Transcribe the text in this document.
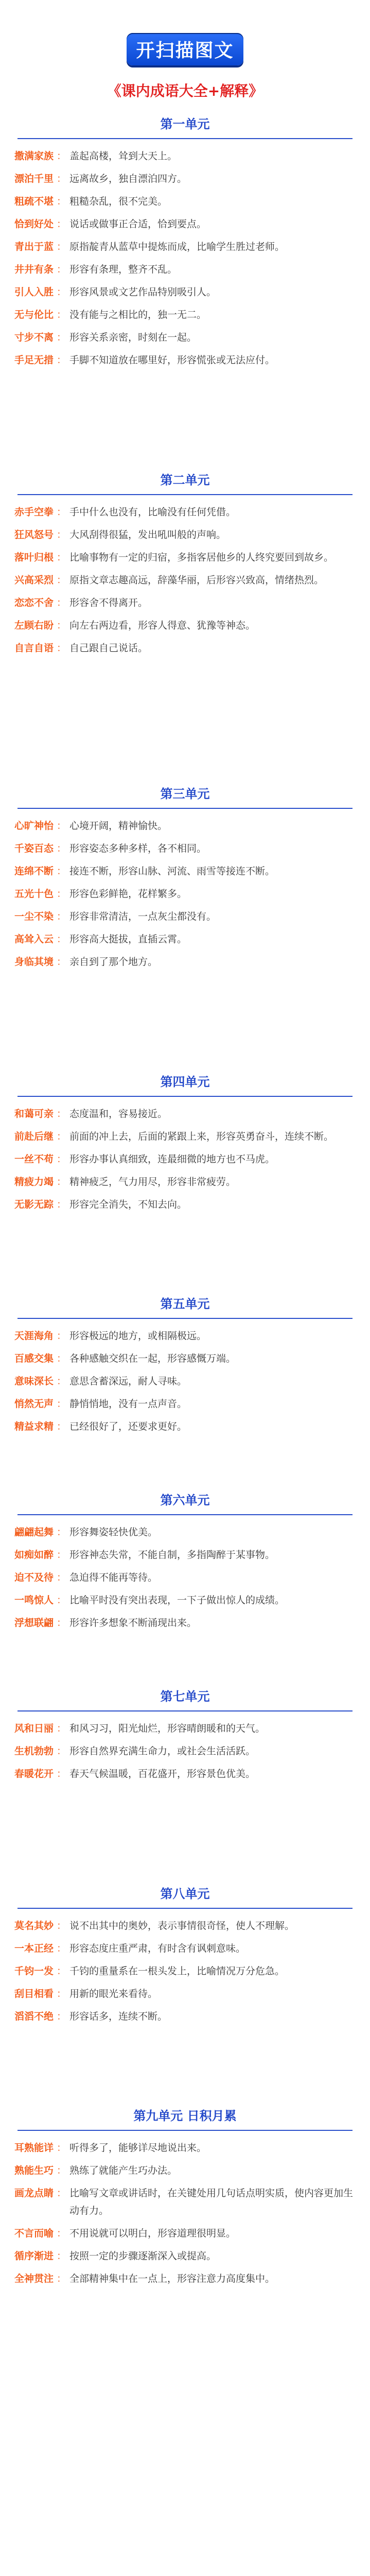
开扫描图文
《课内成语大全+解释》
第一单元
撒满家族 ： 盖起高楼，耸到大天上。
漂泊千里 ： 远离故乡，独自漂泊四方。
粗疏不堪 ： 粗糙杂乱，很不完美。
恰到好处 ： 说话或做事正合适，恰到要点。
青出于蓝 ： 原指靛青从蓝草中提炼而成，比喻学生胜过老师。
井井有条 ： 形容有条理，整齐不乱。
引人入胜 ： 形容风景或文艺作品特别吸引人。
无与伦比 ： 没有能与之相比的，独一无二。
寸步不离 ： 形容关系亲密，时刻在一起。
手足无措 ： 手脚不知道放在哪里好，形容慌张或无法应付。
第二单元
赤手空拳 ： 手中什么也没有，比喻没有任何凭借。
狂风怒号 ： 大风刮得很猛，发出吼叫般的声响。
落叶归根 ： 比喻事物有一定的归宿，多指客居他乡的人终究要回到故乡。
兴高采烈 ： 原指文章志趣高远，辞藻华丽，后形容兴致高，情绪热烈。
恋恋不舍 ： 形容舍不得离开。
左顾右盼 ： 向左右两边看，形容人得意、犹豫等神态。
自言自语 ： 自己跟自己说话。
第三单元
心旷神怡 ： 心境开阔，精神愉快。
千姿百态 ： 形容姿态多种多样，各不相同。
连绵不断 ： 接连不断，形容山脉、河流、雨雪等接连不断。
五光十色 ： 形容色彩鲜艳，花样繁多。
一尘不染 ： 形容非常清洁，一点灰尘都没有。
高耸入云 ： 形容高大挺拔，直插云霄。
身临其境 ： 亲自到了那个地方。
第四单元
和蔼可亲 ： 态度温和，容易接近。
前赴后继 ： 前面的冲上去，后面的紧跟上来，形容英勇奋斗，连续不断。
一丝不苟 ： 形容办事认真细致，连最细微的地方也不马虎。
精疲力竭 ： 精神疲乏，气力用尽，形容非常疲劳。
无影无踪 ： 形容完全消失，不知去向。
第五单元
天涯海角 ： 形容极远的地方，或相隔极远。
百感交集 ： 各种感触交织在一起，形容感慨万端。
意味深长 ： 意思含蓄深远，耐人寻味。
悄然无声 ： 静悄悄地，没有一点声音。
精益求精 ： 已经很好了，还要求更好。
第六单元
翩翩起舞 ： 形容舞姿轻快优美。
如痴如醉 ： 形容神态失常，不能自制，多指陶醉于某事物。
迫不及待 ： 急迫得不能再等待。
一鸣惊人 ： 比喻平时没有突出表现，一下子做出惊人的成绩。
浮想联翩 ： 形容许多想象不断涌现出来。
第七单元
风和日丽 ： 和风习习，阳光灿烂，形容晴朗暖和的天气。
生机勃勃 ： 形容自然界充满生命力，或社会生活活跃。
春暖花开 ： 春天气候温暖，百花盛开，形容景色优美。
第八单元
莫名其妙 ： 说不出其中的奥妙，表示事情很奇怪，使人不理解。
一本正经 ： 形容态度庄重严肃，有时含有讽刺意味。
千钧一发 ： 千钧的重量系在一根头发上，比喻情况万分危急。
刮目相看 ： 用新的眼光来看待。
滔滔不绝 ： 形容话多，连续不断。
第九单元 日积月累
耳熟能详 ： 听得多了，能够详尽地说出来。
熟能生巧 ： 熟练了就能产生巧办法。
画龙点睛 ： 比喻写文章或讲话时，在关键处用几句话点明实质，使内容更加生动有力。
不言而喻 ： 不用说就可以明白，形容道理很明显。
循序渐进 ： 按照一定的步骤逐渐深入或提高。
全神贯注 ： 全部精神集中在一点上，形容注意力高度集中。
